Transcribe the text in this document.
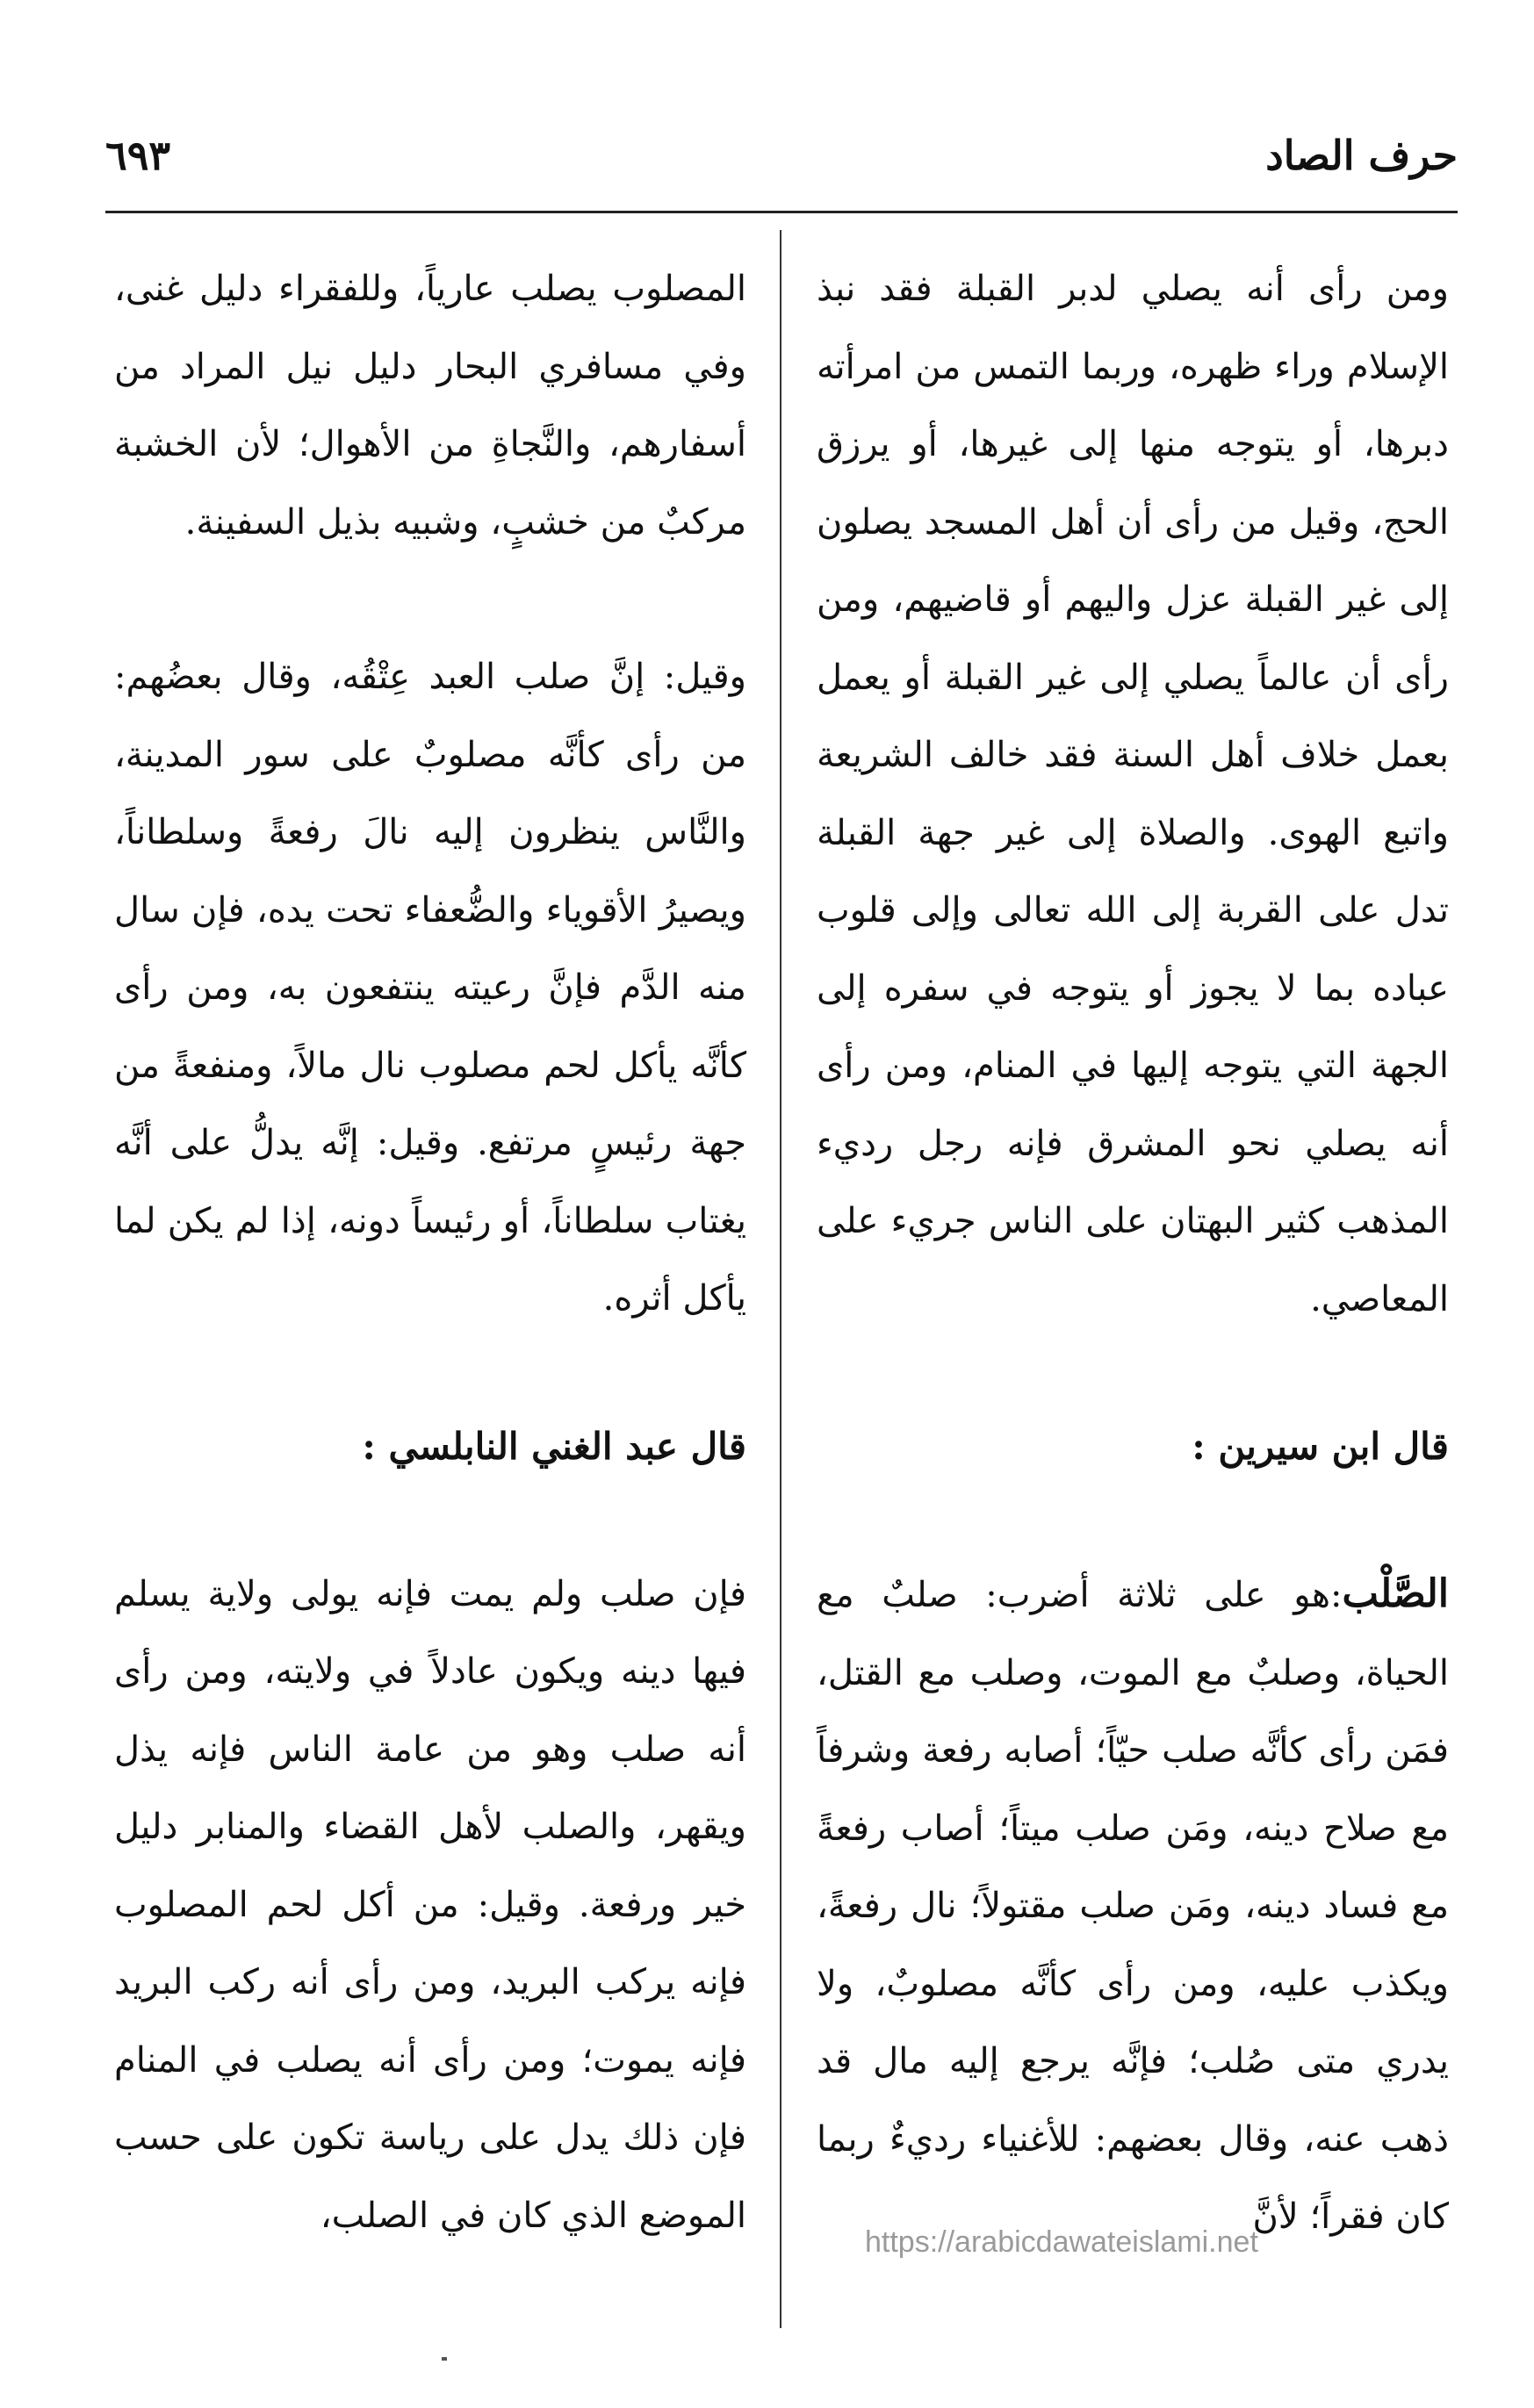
حرف الصاد
٦٩٣

ومن رأى أنه يصلي لدبر القبلة فقد نبذ الإسلام وراء ظهره، وربما التمس من امرأته دبرها، أو يتوجه منها إلى غيرها، أو يرزق الحج، وقيل من رأى أن أهل المسجد يصلون إلى غير القبلة عزل واليهم أو قاضيهم، ومن رأى أن عالماً يصلي إلى غير القبلة أو يعمل بعمل خلاف أهل السنة فقد خالف الشريعة واتبع الهوى. والصلاة إلى غير جهة القبلة تدل على القربة إلى الله تعالى وإلى قلوب عباده بما لا يجوز أو يتوجه في سفره إلى الجهة التي يتوجه إليها في المنام، ومن رأى أنه يصلي نحو المشرق فإنه رجل رديء المذهب كثير البهتان على الناس جريء على المعاصي.

قال ابن سيرين :

الصَّلْب:هو على ثلاثة أضرب: صلبٌ مع الحياة، وصلبٌ مع الموت، وصلب مع القتل، فمَن رأى كأنَّه صلب حيّاً؛ أصابه رفعة وشرفاً مع صلاح دينه، ومَن صلب ميتاً؛ أصاب رفعةً مع فساد دينه، ومَن صلب مقتولاً؛ نال رفعةً، ويكذب عليه، ومن رأى كأنَّه مصلوبٌ، ولا يدري متى صُلب؛ فإنَّه يرجع إليه مال قد ذهب عنه، وقال بعضهم: للأغنياء رديءٌ ربما كان فقراً؛ لأنَّ

المصلوب يصلب عارياً، وللفقراء دليل غنى، وفي مسافري البحار دليل نيل المراد من أسفارهم، والنَّجاةِ من الأهوال؛ لأن الخشبة مركبٌ من خشبٍ، وشبيه بذيل السفينة.

وقيل: إنَّ صلب العبد عِتْقُه، وقال بعضُهم: من رأى كأنَّه مصلوبٌ على سور المدينة، والنَّاس ينظرون إليه نالَ رفعةً وسلطاناً، ويصيرُ الأقوياء والضُّعفاء تحت يده، فإن سال منه الدَّم فإنَّ رعيته ينتفعون به، ومن رأى كأنَّه يأكل لحم مصلوب نال مالاً، ومنفعةً من جهة رئيسٍ مرتفع. وقيل: إنَّه يدلُّ على أنَّه يغتاب سلطاناً، أو رئيساً دونه، إذا لم يكن لما يأكل أثره.

قال عبد الغني النابلسي :

فإن صلب ولم يمت فإنه يولى ولاية يسلم فيها دينه ويكون عادلاً في ولايته، ومن رأى أنه صلب وهو من عامة الناس فإنه يذل ويقهر، والصلب لأهل القضاء والمنابر دليل خير ورفعة. وقيل: من أكل لحم المصلوب فإنه يركب البريد، ومن رأى أنه ركب البريد فإنه يموت؛ ومن رأى أنه يصلب في المنام فإن ذلك يدل على رياسة تكون على حسب الموضع الذي كان في الصلب،

https://arabicdawateislami.net
